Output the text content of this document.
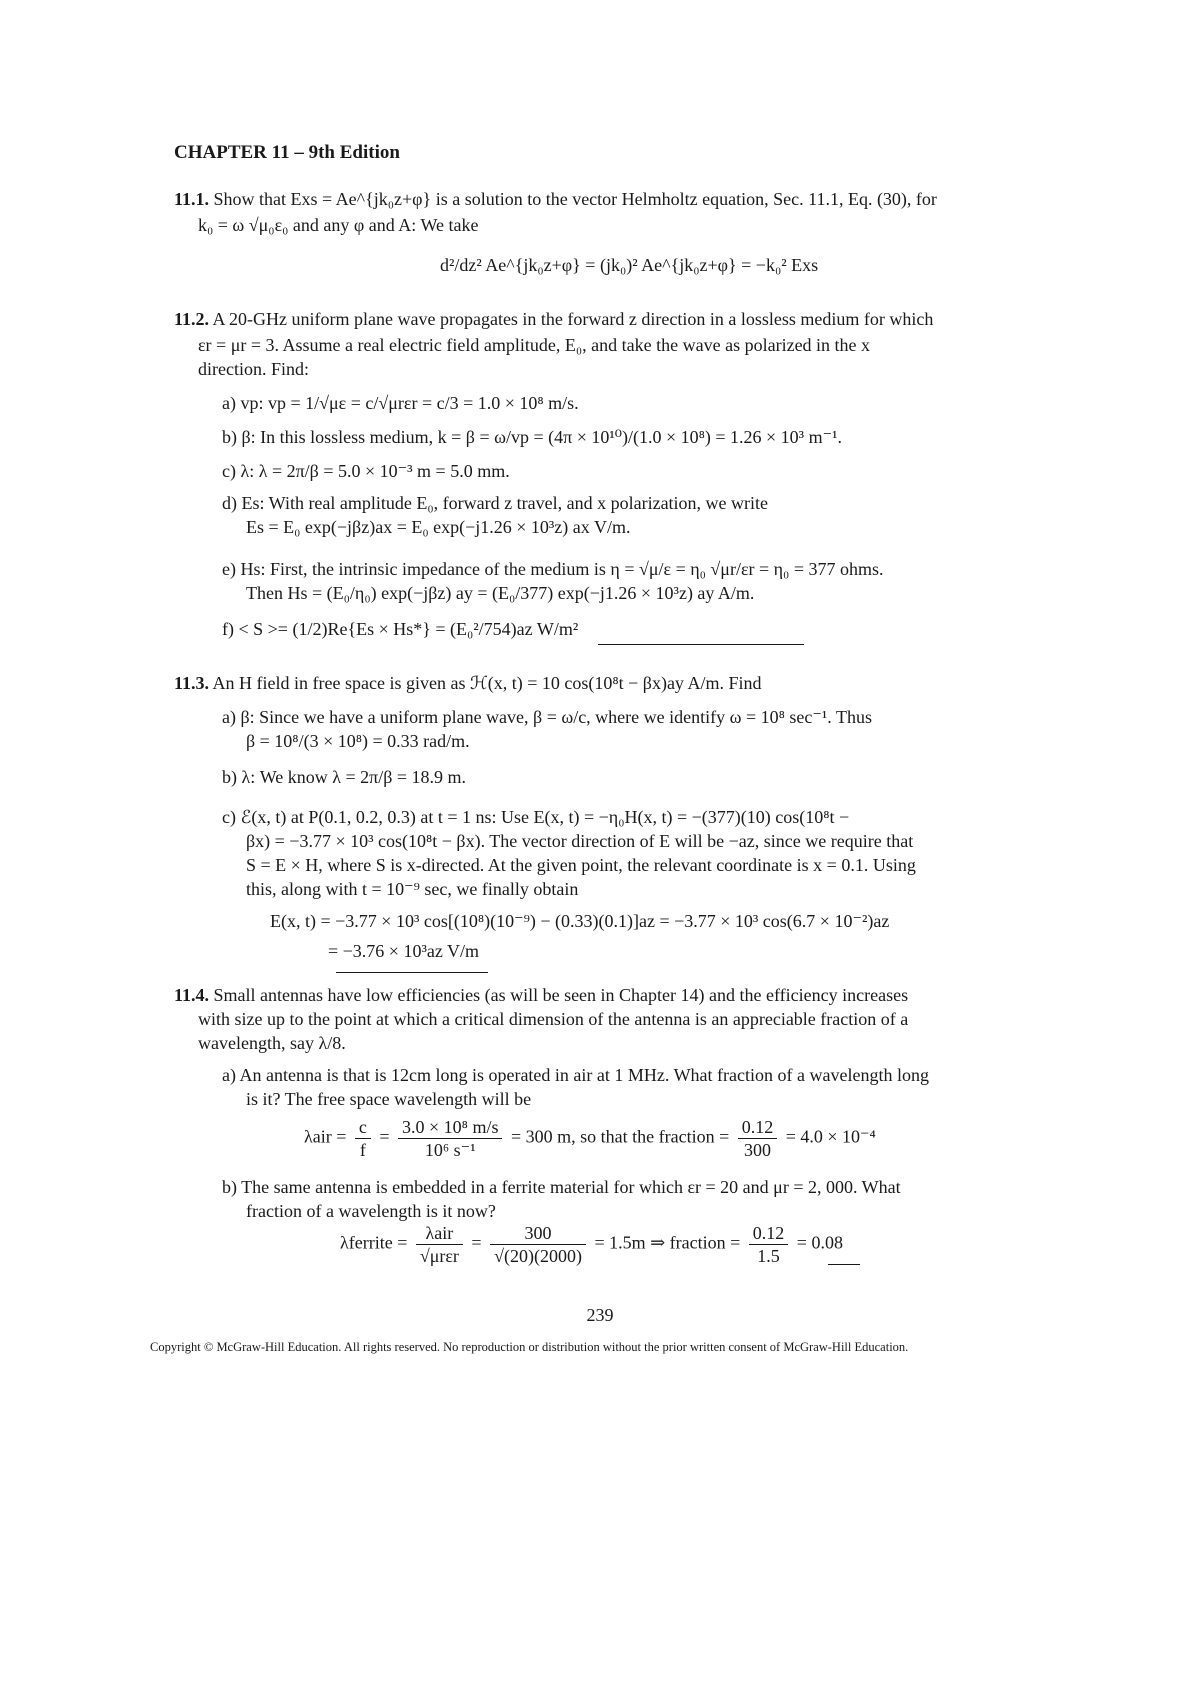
CHAPTER 11 – 9th Edition
11.1. Show that Exs = Ae^{jk₀z+φ} is a solution to the vector Helmholtz equation, Sec. 11.1, Eq. (30), for
k₀ = ω √μ₀ε₀ and any φ and A: We take
d²/dz² Ae^{jk₀z+φ} = (jk₀)² Ae^{jk₀z+φ} = −k₀² Exs
11.2. A 20-GHz uniform plane wave propagates in the forward z direction in a lossless medium for which
εr = μr = 3. Assume a real electric field amplitude, E₀, and take the wave as polarized in the x
direction. Find:
a) vp: vp = 1/√με = c/√μrεr = c/3 = 1.0 × 10⁸ m/s.
b) β: In this lossless medium, k = β = ω/vp = (4π × 10¹⁰)/(1.0 × 10⁸) = 1.26 × 10³ m⁻¹.
c) λ: λ = 2π/β = 5.0 × 10⁻³ m = 5.0 mm.
d) Es: With real amplitude E₀, forward z travel, and x polarization, we write
Es = E₀ exp(−jβz)ax = E₀ exp(−j1.26 × 10³z) ax V/m.
e) Hs: First, the intrinsic impedance of the medium is η = √μ/ε = η₀ √μr/εr = η₀ = 377 ohms.
Then Hs = (E₀/η₀) exp(−jβz) ay = (E₀/377) exp(−j1.26 × 10³z) ay A/m.
f) < S >= (1/2)Re{Es × Hs*} = (E₀²/754)az W/m²
11.3. An H field in free space is given as ℋ(x, t) = 10 cos(10⁸t − βx)ay A/m. Find
a) β: Since we have a uniform plane wave, β = ω/c, where we identify ω = 10⁸ sec⁻¹. Thus
β = 10⁸/(3 × 10⁸) = 0.33 rad/m.
b) λ: We know λ = 2π/β = 18.9 m.
c) ℰ(x, t) at P(0.1, 0.2, 0.3) at t = 1 ns: Use E(x, t) = −η₀H(x, t) = −(377)(10) cos(10⁸t −
βx) = −3.77 × 10³ cos(10⁸t − βx). The vector direction of E will be −az, since we require that
S = E × H, where S is x-directed. At the given point, the relevant coordinate is x = 0.1. Using
this, along with t = 10⁻⁹ sec, we finally obtain
E(x, t) = −3.77 × 10³ cos[(10⁸)(10⁻⁹) − (0.33)(0.1)]az = −3.77 × 10³ cos(6.7 × 10⁻²)az
= −3.76 × 10³az V/m
11.4. Small antennas have low efficiencies (as will be seen in Chapter 14) and the efficiency increases
with size up to the point at which a critical dimension of the antenna is an appreciable fraction of a
wavelength, say λ/8.
a) An antenna is that is 12cm long is operated in air at 1 MHz. What fraction of a wavelength long
is it? The free space wavelength will be
$\lambda air = \frac{c}{f} = \frac{\text{3.0 × 10⁸ m/s}}{\text{10⁶ s⁻¹}} = 300$ m, so that the fraction = $\frac{0.12}{300} = 4.0 \times 10^{-4}$
b) The same antenna is embedded in a ferrite material for which εr = 20 and μr = 2, 000. What
fraction of a wavelength is it now?
λferrite = $\frac{\text{λair}}{\text{√μrεr}} = \frac{300}{√(20)(2000)} = 1.5m$ ⇒ fraction = $\frac{0.12}{1.5} = 0.08$
239
Copyright © McGraw-Hill Education. All rights reserved. No reproduction or distribution without the prior written consent of McGraw-Hill Education.
